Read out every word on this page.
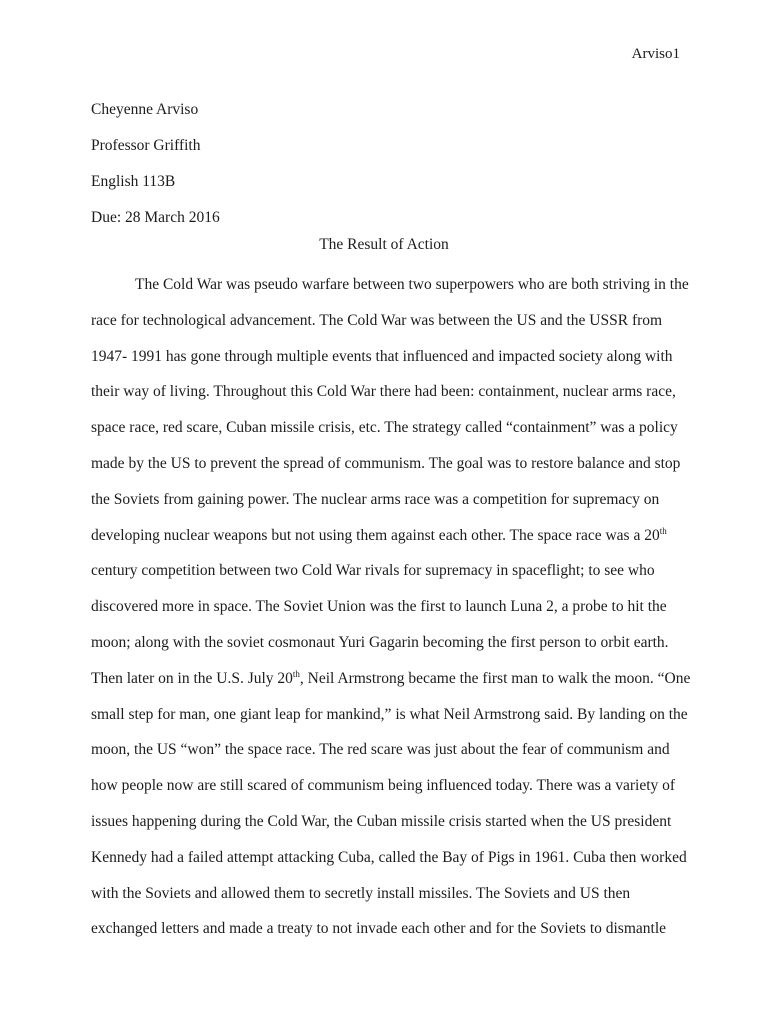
Arviso1
Cheyenne Arviso
Professor Griffith
English 113B
Due: 28 March 2016
The Result of Action
The Cold War was pseudo warfare between two superpowers who are both striving in the
race for technological advancement. The Cold War was between the US and the USSR from
1947- 1991 has gone through multiple events that influenced and impacted society along with
their way of living. Throughout this Cold War there had been: containment, nuclear arms race,
space race, red scare, Cuban missile crisis, etc. The strategy called “containment” was a policy
made by the US to prevent the spread of communism. The goal was to restore balance and stop
the Soviets from gaining power. The nuclear arms race was a competition for supremacy on
developing nuclear weapons but not using them against each other. The space race was a 20th
century competition between two Cold War rivals for supremacy in spaceflight; to see who
discovered more in space. The Soviet Union was the first to launch Luna 2, a probe to hit the
moon; along with the soviet cosmonaut Yuri Gagarin becoming the first person to orbit earth.
Then later on in the U.S. July 20th, Neil Armstrong became the first man to walk the moon. “One
small step for man, one giant leap for mankind,” is what Neil Armstrong said. By landing on the
moon, the US “won” the space race. The red scare was just about the fear of communism and
how people now are still scared of communism being influenced today. There was a variety of
issues happening during the Cold War, the Cuban missile crisis started when the US president
Kennedy had a failed attempt attacking Cuba, called the Bay of Pigs in 1961. Cuba then worked
with the Soviets and allowed them to secretly install missiles. The Soviets and US then
exchanged letters and made a treaty to not invade each other and for the Soviets to dismantle
